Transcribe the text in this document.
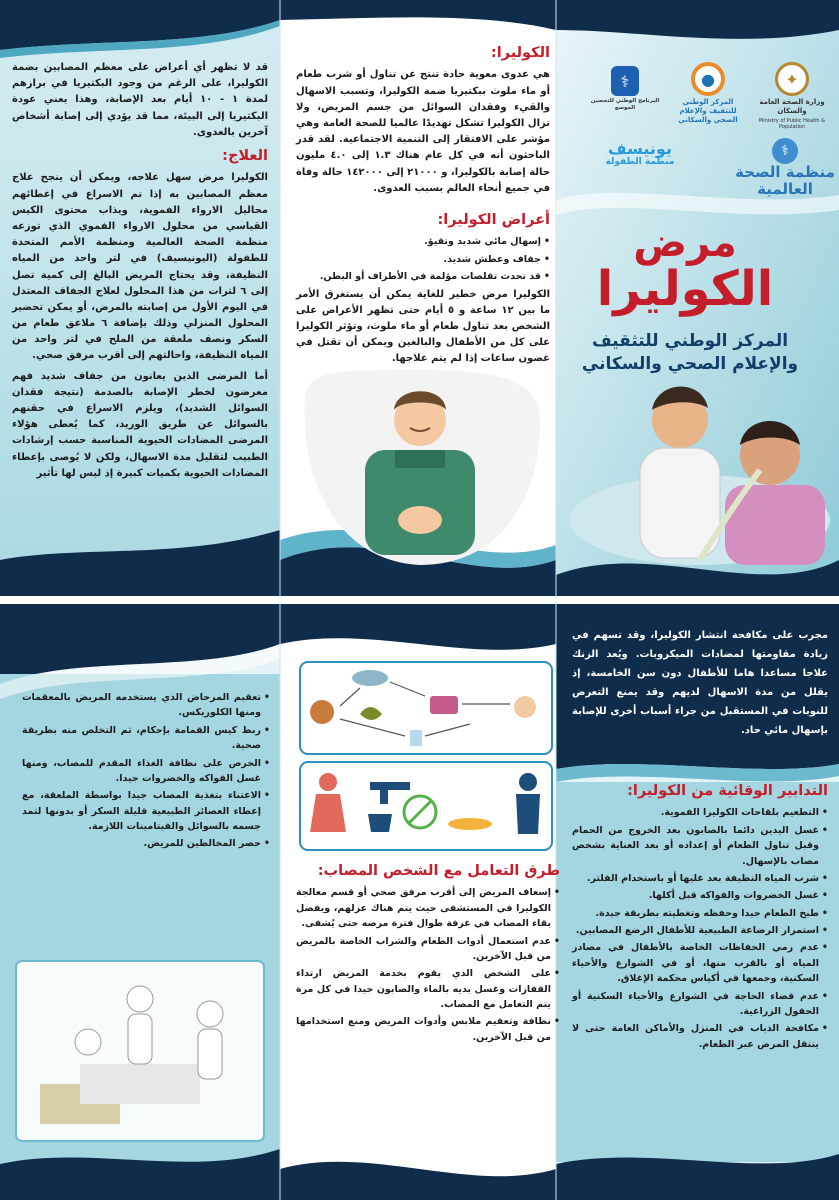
قد لا تظهر أي أعراض على معظم المصابين بضمة الكوليرا، على الرغم من وجود البكتيريا في برازهم لمدة ١ - ١٠ أيام بعد الإصابة، وهذا يعني عودة البكتيريا إلى البيئة، مما قد يؤدي إلى إصابة أشخاص آخرين بالعدوى.

العلاج:

الكوليرا مرض سهل علاجه، ويمكن أن ينجح علاج معظم المصابين به إذا تم الاسراع في إعطائهم محاليل الارواء الفموية، ويذاب محتوى الكيس القياسي من محلول الارواء الفموي الذي توزعه منظمة الصحة العالمية ومنظمة الأمم المتحدة للطفولة (اليونيسيف) في لتر واحد من المياه النظيفة، وقد يحتاج المريض البالغ إلى كمية تصل إلى ٦ لترات من هذا المحلول لعلاج الجفاف المعتدل في اليوم الأول من إصابته بالمرض، أو يمكن تحضير المحلول المنزلي وذلك بإضافة ٦ ملاعق طعام من السكر ونصف ملعقة من الملح في لتر واحد من المياه النظيفة، واحالتهم إلى أقرب مرفق صحي.

أما المرضى الذين يعانون من جفاف شديد فهم معرضون لخطر الإصابة بالصدمة (نتيجة فقدان السوائل الشديد)، ويلزم الاسراع في حقنهم بالسوائل عن طريق الوريد، كما يُعطى هؤلاء المرضى المضادات الحيوية المناسبة حسب إرشادات الطبيب لتقليل مدة الاسهال، ولكن لا يُوصى بإعطاء المضادات الحيوية بكميات كبيرة إذ ليس لها تأثير

الكوليرا:

هي عدوى معوية حادة تنتج عن تناول أو شرب طعام أو ماء ملوث ببكتيريا ضمة الكوليرا، وتسبب الاسهال والقيء وفقدان السوائل من جسم المريض، ولا تزال الكوليرا تشكل تهديدًا عالميا للصحة العامة وهي مؤشر على الافتقار إلى التنمية الاجتماعية. لقد قدر الباحثون أنه في كل عام هناك ١.٣ إلى ٤.٠ مليون حالة إصابة بالكوليرا، و ٢١٠٠٠ إلى ١٤٢٠٠٠ حالة وفاة في جميع أنحاء العالم بسبب العدوى.

أعراض الكوليرا:
• إسهال مائي شديد وتقيؤ.
• جفاف وعطش شديد.
• قد تحدث تقلصات مؤلمة في الأطراف أو البطن.

الكوليرا مرض خطير للغاية يمكن أن يستغرق الأمر ما بين ١٢ ساعة و ٥ أيام حتى تظهر الأعراض على الشخص بعد تناول طعام أو ماء ملوث، وتؤثر الكوليرا على كل من الأطفال والبالغين ويمكن أن تقتل في غضون ساعات إذا لم يتم علاجها.

✦
وزارة الصحة العامة والسكان
Ministry of Public Health & Population
●
المركز الوطني للتثقيف والإعلام الصحي والسكاني
⚕
البرنامج الوطني للتحصين الموسع
⚕
منظمة الصحة العالمية
يونيسف
منظمة الطفولة
مرض
الكوليرا
المركز الوطني للتثقيف والإعلام الصحي والسكاني
• تعقيم المرحاض الذي يستخدمه المريض بالمعقمات ومنها الكلوريكس.
• ربط كيس القمامة بإحكام، ثم التخلص منه بطريقة صحية.
• الحرص على نظافة الغذاء المقدم للمصاب، ومنها غسل الفواكه والخضروات جيدا.
• الاعتناء بتغذية المصاب جيدا بواسطة الملعقة، مع إعطاء العصائر الطبيعية قليلة السكر أو بدونها لتمد جسمه بالسوائل والفيتامينات اللازمة.
• حصر المخالطين للمريض.
طرق التعامل مع الشخص المصاب:
• إسعاف المريض إلى أقرب مرفق صحي أو قسم معالجة الكوليرا في المستشفى حيث يتم هناك عزلهم، ويفضل بقاء المصاب في غرفة طوال فترة مرضه حتى يُشفى.
• عدم استعمال أدوات الطعام والشراب الخاصة بالمريض من قبل الآخرين.
• على الشخص الذي يقوم بخدمة المريض ارتداء القفازات وغسل يديه بالماء والصابون جيدا في كل مرة يتم التعامل مع المصاب.
• نظافة وتعقيم ملابس وأدوات المريض ومنع استخدامها من قبل الآخرين.

مجرب على مكافحة انتشار الكوليرا، وقد تسهم في زيادة مقاومتها لمضادات الميكروبات. ويُعد الزنك علاجا مساعدا هاما للأطفال دون سن الخامسة، إذ يقلل من مدة الاسهال لديهم وقد يمنع التعرض للنوبات في المستقبل من جراء أسباب أخرى للإصابة بإسهال مائي حاد.

التدابير الوقائية من الكوليرا:
• التطعيم بلقاحات الكوليرا الفموية.
• غسل اليدين دائما بالصابون بعد الخروج من الحمام وقبل تناول الطعام أو إعداده أو بعد العناية بشخص مصاب بالإسهال.
• شرب المياه النظيفة بعد غليها أو باستخدام الفلتر.
• غسل الخضروات والفواكه قبل أكلها.
• طبخ الطعام جيدا وحفظه وتغطيته بطريقة جيدة.
• استمرار الرضاعة الطبيعية للأطفال الرضع المصابين.
• عدم رمي الحفاظات الخاصة بالأطفال في مصادر المياه أو بالقرب منها، أو في الشوارع والأحياء السكنية، وجمعها في أكياس محكمة الإغلاق.
• عدم قضاء الحاجة في الشوارع والأحياء السكنية أو الحقول الزراعية.
• مكافحة الذباب في المنزل والأماكن العامة حتى لا ينتقل المرض عبر الطعام.
